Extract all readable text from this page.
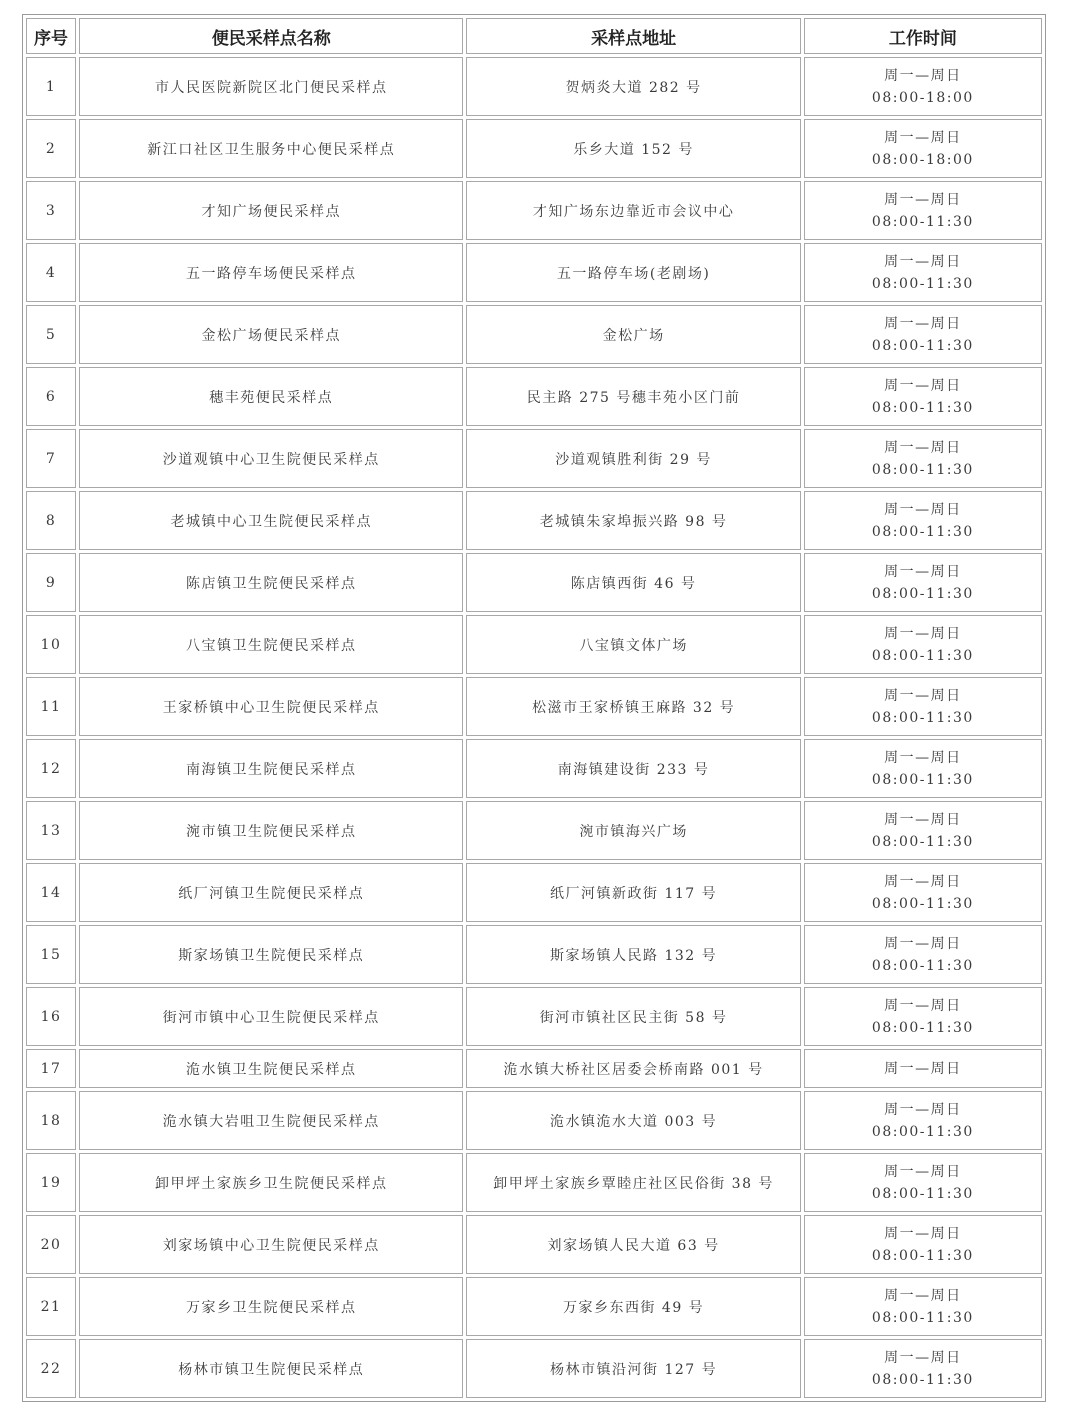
序号	便民采样点名称	采样点地址	工作时间
1	市人民医院新院区北门便民采样点	贺炳炎大道 282 号	周一—周日
08:00-18:00

2	新江口社区卫生服务中心便民采样点	乐乡大道 152 号	周一—周日
08:00-18:00

3	才知广场便民采样点	才知广场东边靠近市会议中心	周一—周日
08:00-11:30

4	五一路停车场便民采样点	五一路停车场(老剧场)	周一—周日
08:00-11:30

5	金松广场便民采样点	金松广场	周一—周日
08:00-11:30

6	穗丰苑便民采样点	民主路 275 号穗丰苑小区门前	周一—周日
08:00-11:30

7	沙道观镇中心卫生院便民采样点	沙道观镇胜利街 29 号	周一—周日
08:00-11:30

8	老城镇中心卫生院便民采样点	老城镇朱家埠振兴路 98 号	周一—周日
08:00-11:30

9	陈店镇卫生院便民采样点	陈店镇西街 46 号	周一—周日
08:00-11:30

10	八宝镇卫生院便民采样点	八宝镇文体广场	周一—周日
08:00-11:30

11	王家桥镇中心卫生院便民采样点	松滋市王家桥镇王麻路 32 号	周一—周日
08:00-11:30

12	南海镇卫生院便民采样点	南海镇建设街 233 号	周一—周日
08:00-11:30

13	涴市镇卫生院便民采样点	涴市镇海兴广场	周一—周日
08:00-11:30

14	纸厂河镇卫生院便民采样点	纸厂河镇新政街 117 号	周一—周日
08:00-11:30

15	斯家场镇卫生院便民采样点	斯家场镇人民路 132 号	周一—周日
08:00-11:30

16	街河市镇中心卫生院便民采样点	街河市镇社区民主街 58 号	周一—周日
08:00-11:30

17	洈水镇卫生院便民采样点	洈水镇大桥社区居委会桥南路 001 号	周一—周日

18	洈水镇大岩咀卫生院便民采样点	洈水镇洈水大道 003 号	周一—周日
08:00-11:30

19	卸甲坪土家族乡卫生院便民采样点	卸甲坪土家族乡覃睦庄社区民俗街 38 号	周一—周日
08:00-11:30

20	刘家场镇中心卫生院便民采样点	刘家场镇人民大道 63 号	周一—周日
08:00-11:30

21	万家乡卫生院便民采样点	万家乡东西街 49 号	周一—周日
08:00-11:30

22	杨林市镇卫生院便民采样点	杨林市镇沿河街 127 号	周一—周日
08:00-11:30
